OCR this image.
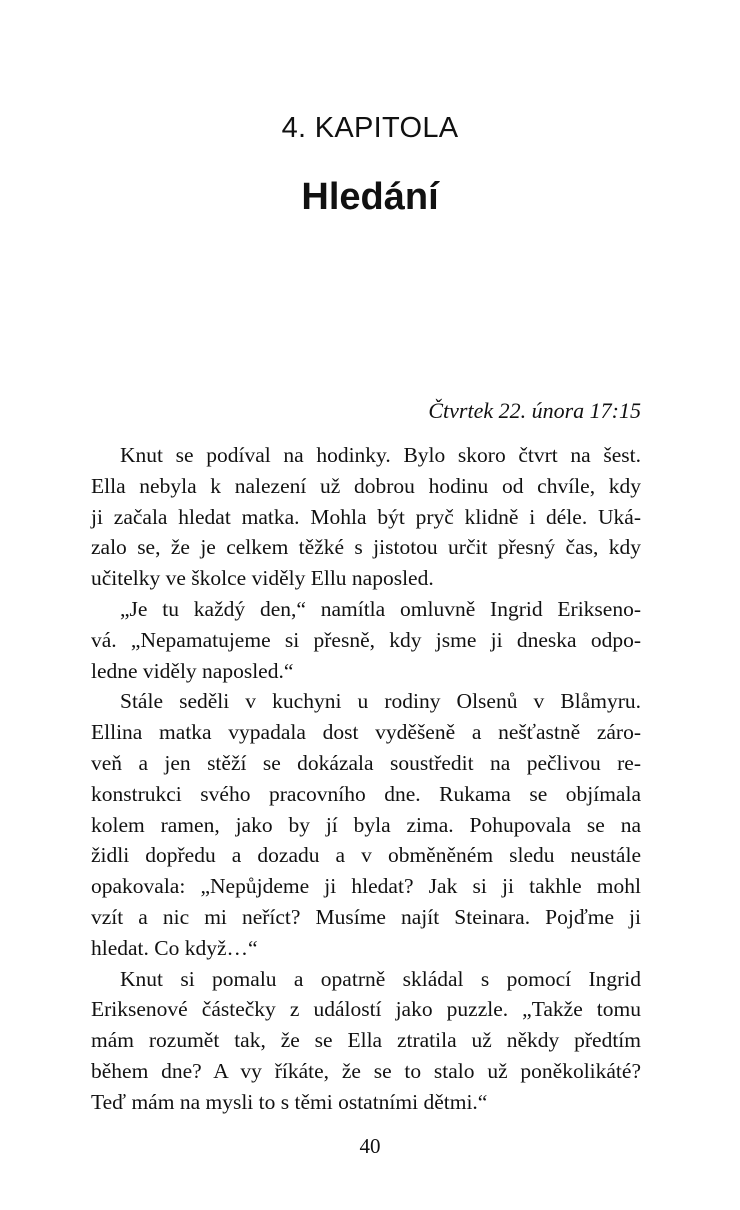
4. KAPITOLA
Hledání
Čtvrtek 22. února 17:15

Knut se podíval na hodinky. Bylo skoro čtvrt na šest.
Ella nebyla k nalezení už dobrou hodinu od chvíle, kdy
ji začala hledat matka. Mohla být pryč klidně i déle. Uká-
zalo se, že je celkem těžké s jistotou určit přesný čas, kdy
učitelky ve školce viděly Ellu naposled.

„Je tu každý den,“ namítla omluvně Ingrid Eriksenο-
vá. „Nepamatujeme si přesně, kdy jsme ji dneska odpo-
ledne viděly naposled.“

Stále seděli v kuchyni u rodiny Olsenů v Blåmyru.
Ellina matka vypadala dost vyděšeně a nešťastně záro-
veň a jen stěží se dokázala soustředit na pečlivou re-
konstrukci svého pracovního dne. Rukama se objímala
kolem ramen, jako by jí byla zima. Pohupovala se na
židli dopředu a dozadu a v obměněném sledu neustále
opakovala: „Nepůjdeme ji hledat? Jak si ji takhle mohl
vzít a nic mi neříct? Musíme najít Steinara. Pojďme ji
hledat. Co když…“

Knut si pomalu a opatrně skládal s pomocí Ingrid
Eriksenové částečky z událostí jako puzzle. „Takže tomu
mám rozumět tak, že se Ella ztratila už někdy předtím
během dne? A vy říkáte, že se to stalo už poněkolikáté?
Teď mám na mysli to s těmi ostatními dětmi.“

40
